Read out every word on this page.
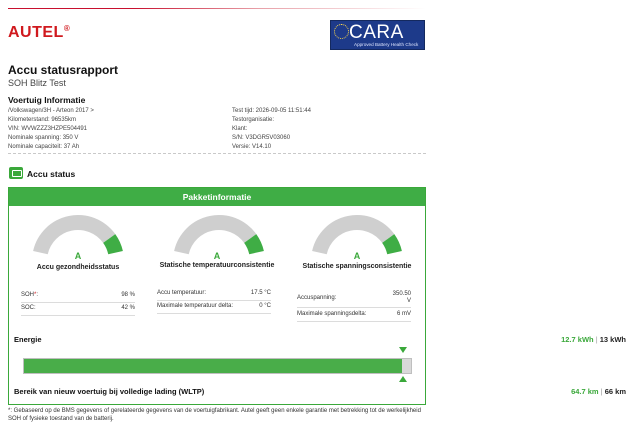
AUTEL®	CARA
Approved Battery Health Check
Accu statusrapport
SOH Blitz Test
Voertuig Informatie
/Volkswagen/3H - Arteon 2017 >
Kilometerstand: 96535km
VIN: WVWZZZ3HZPE504491
Nominale spanning: 350 V
Nominale capaciteit: 37 Ah
Test tijd: 2026-09-05 11:51:44
Testorganisatie:
Klant:
S/N: V3DGR5V03060
Versie: V14.10
Accu status
Pakketinformatie
A	A	A
Accu gezondheidsstatus	Statische temperatuurconsistentie	Statische spanningsconsistentie
SOH*:	98 %
SOC:	42 %
Accu temperatuur:	17.5 °C
Maximale temperatuur delta:	0 °C
Accuspanning:
350.50
V
Maximale spanningsdelta:	6 mV
Energie	12.7 kWh | 13 kWh
Bereik van nieuw voertuig bij volledige lading (WLTP)	64.7 km | 66 km
*: Gebaseerd op de BMS gegevens of gerelateerde gegevens van de voertuigfabrikant. Autel geeft geen enkele garantie met betrekking tot de werkelijkheid SOH of fysieke toestand van de batterij.
